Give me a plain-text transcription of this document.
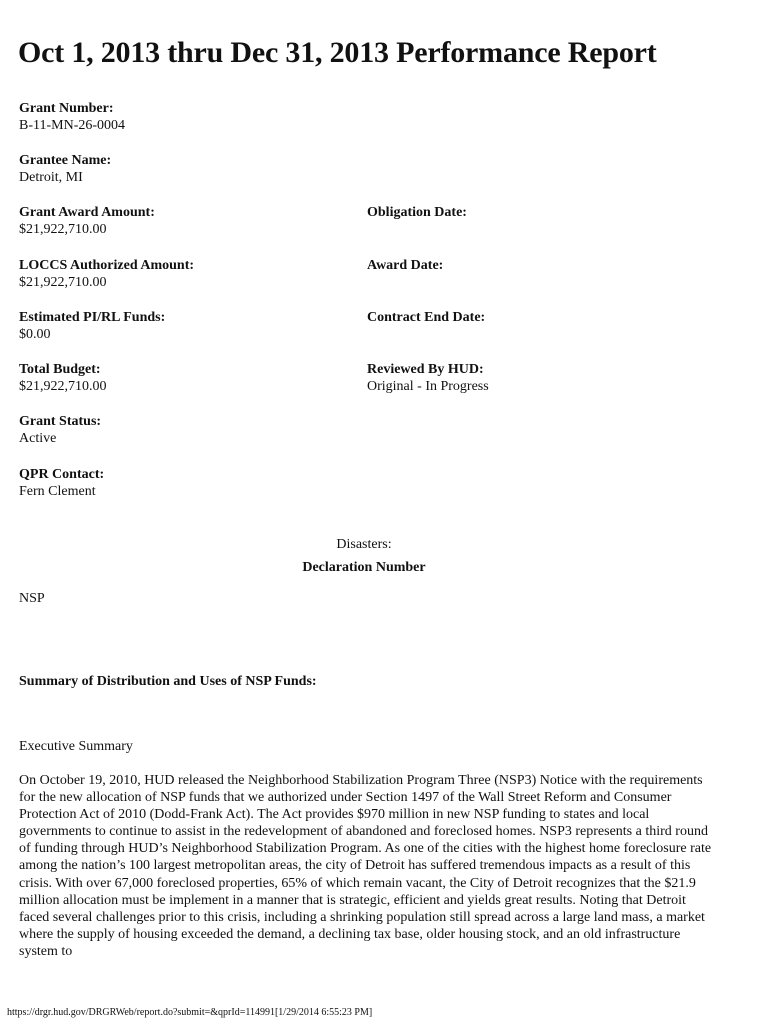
Oct 1, 2013 thru Dec 31, 2013 Performance Report
Grant Number:
B-11-MN-26-0004
Grantee Name:
Detroit, MI
Grant Award Amount:
$21,922,710.00
Obligation Date:
LOCCS Authorized Amount:
$21,922,710.00
Award Date:
Estimated PI/RL Funds:
$0.00
Contract End Date:
Total Budget:
$21,922,710.00
Reviewed By HUD:
Original - In Progress
Grant Status:
Active
QPR Contact:
Fern Clement
Disasters:
Declaration Number
NSP
Summary of Distribution and Uses of NSP Funds:
Executive Summary

On October 19, 2010, HUD released the Neighborhood Stabilization Program Three (NSP3) Notice with the requirements for the new allocation of NSP funds that we authorized under Section 1497 of the Wall Street Reform and Consumer Protection Act of 2010 (Dodd-Frank Act). The Act provides $970 million in new NSP funding to states and local governments to continue to assist in the redevelopment of abandoned and foreclosed homes. NSP3 represents a third round of funding through HUD’s Neighborhood Stabilization Program. As one of the cities with the highest home foreclosure rate among the nation’s 100 largest metropolitan areas, the city of Detroit has suffered tremendous impacts as a result of this crisis. With over 67,000 foreclosed properties, 65% of which remain vacant, the City of Detroit recognizes that the $21.9 million allocation must be implement in a manner that is strategic, efficient and yields great results. Noting that Detroit faced several challenges prior to this crisis, including a shrinking population still spread across a large land mass, a market where the supply of housing exceeded the demand, a declining tax base, older housing stock, and an old infrastructure system to

https://drgr.hud.gov/DRGRWeb/report.do?submit=&qprId=114991[1/29/2014 6:55:23 PM]
